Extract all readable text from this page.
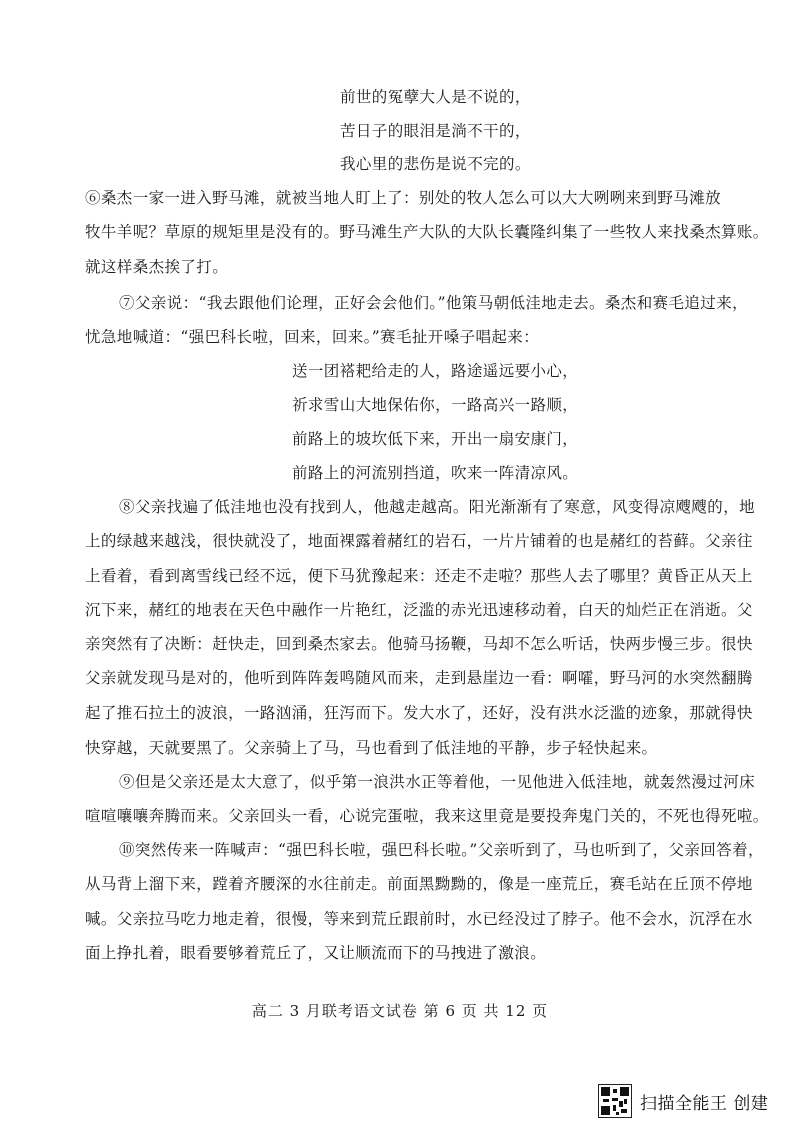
前世的冤孽大人是不说的，
苦日子的眼泪是淌不干的，
我心里的悲伤是说不完的。
⑥桑杰一家一进入野马滩，就被当地人盯上了：别处的牧人怎么可以大大咧咧来到野马滩放
牧牛羊呢？草原的规矩里是没有的。野马滩生产大队的大队长囊隆纠集了一些牧人来找桑杰算账。
就这样桑杰挨了打。
⑦父亲说：“我去跟他们论理，正好会会他们。”他策马朝低洼地走去。桑杰和赛毛追过来，
忧急地喊道：“强巴科长啦，回来，回来。”赛毛扯开嗓子唱起来：
送一团褡耙给走的人，路途遥远要小心，
祈求雪山大地保佑你，一路高兴一路顺，
前路上的坡坎低下来，开出一扇安康门，
前路上的河流别挡道，吹来一阵清凉风。
⑧父亲找遍了低洼地也没有找到人，他越走越高。阳光渐渐有了寒意，风变得凉飕飕的，地
上的绿越来越浅，很快就没了，地面裸露着赭红的岩石，一片片铺着的也是赭红的苔藓。父亲往
上看着，看到离雪线已经不远，便下马犹豫起来：还走不走啦？那些人去了哪里？黄昏正从天上
沉下来，赭红的地表在天色中融作一片艳红，泛滥的赤光迅速移动着，白天的灿烂正在消逝。父
亲突然有了决断：赶快走，回到桑杰家去。他骑马扬鞭，马却不怎么听话，快两步慢三步。很快
父亲就发现马是对的，他听到阵阵轰鸣随风而来，走到悬崖边一看：啊嚯，野马河的水突然翻腾
起了推石拉土的波浪，一路汹涌，狂泻而下。发大水了，还好，没有洪水泛滥的迹象，那就得快
快穿越，天就要黑了。父亲骑上了马，马也看到了低洼地的平静，步子轻快起来。
⑨但是父亲还是太大意了，似乎第一浪洪水正等着他，一见他进入低洼地，就轰然漫过河床
喧喧嚷嚷奔腾而来。父亲回头一看，心说完蛋啦，我来这里竟是要投奔鬼门关的，不死也得死啦。
⑩突然传来一阵喊声：“强巴科长啦，强巴科长啦。”父亲听到了，马也听到了，父亲回答着，
从马背上溜下来，蹚着齐腰深的水往前走。前面黑黝黝的，像是一座荒丘，赛毛站在丘顶不停地
喊。父亲拉马吃力地走着，很慢，等来到荒丘跟前时，水已经没过了脖子。他不会水，沉浮在水
面上挣扎着，眼看要够着荒丘了，又让顺流而下的马拽进了激浪。
高二 3 月联考语文试卷 第 6 页 共 12 页
扫描全能王 创建
